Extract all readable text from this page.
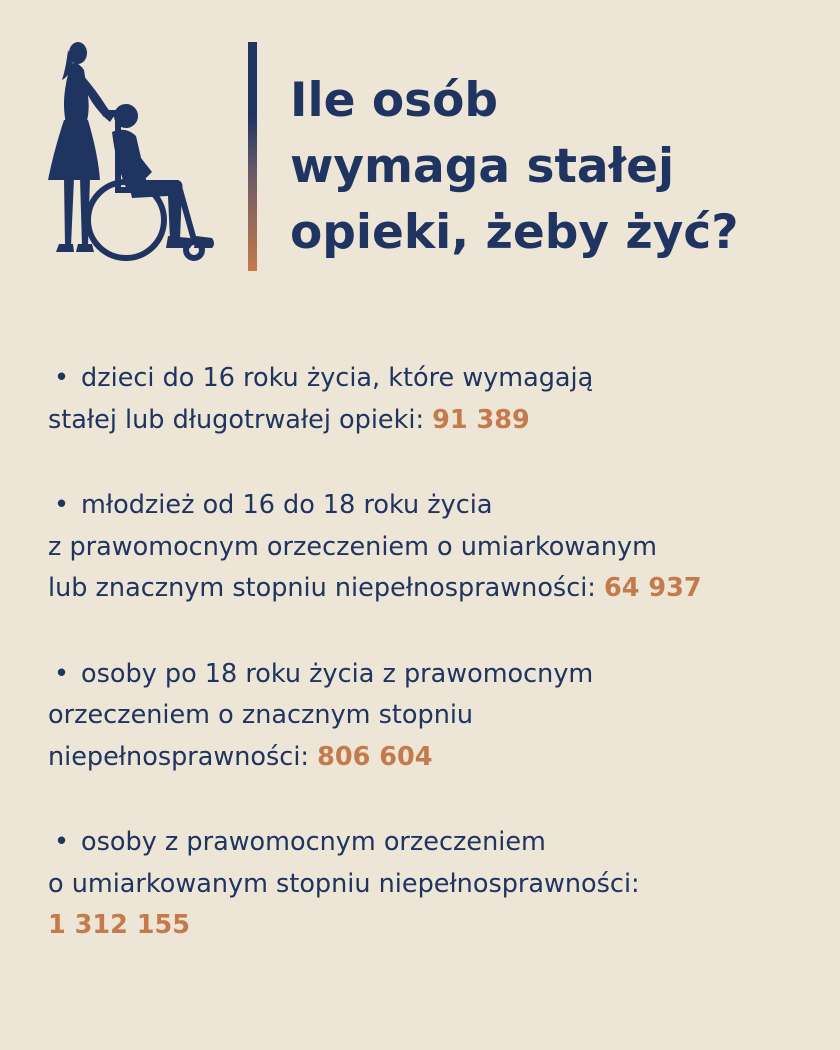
Ile osób
wymaga stałej
opieki, żeby żyć?
• dzieci do 16 roku życia, które wymagają
stałej lub długotrwałej opieki: 91 389
• młodzież od 16 do 18 roku życia
z prawomocnym orzeczeniem o umiarkowanym
lub znacznym stopniu niepełnosprawności: 64 937
• osoby po 18 roku życia z prawomocnym
orzeczeniem o znacznym stopniu
niepełnosprawności: 806 604
• osoby z prawomocnym orzeczeniem
o umiarkowanym stopniu niepełnosprawności:
1 312 155
